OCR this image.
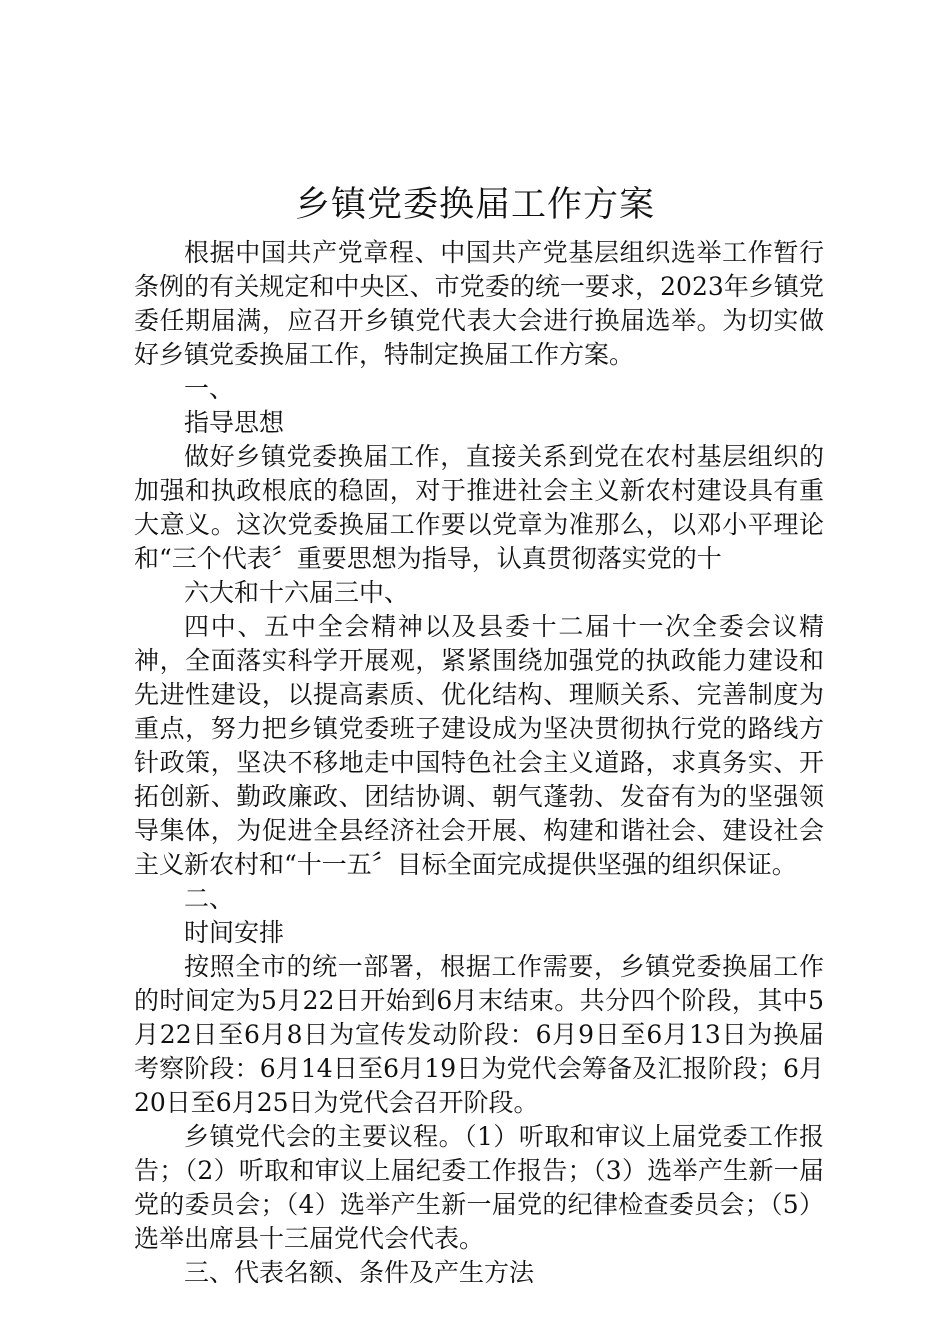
乡镇党委换届工作方案

根据中国共产党章程、中国共产党基层组织选举工作暂行条例的有关规定和中央区、市党委的统一要求，2023年乡镇党委任期届满，应召开乡镇党代表大会进行换届选举。为切实做好乡镇党委换届工作，特制定换届工作方案。

一、

指导思想

做好乡镇党委换届工作，直接关系到党在农村基层组织的加强和执政根底的稳固，对于推进社会主义新农村建设具有重大意义。这次党委换届工作要以党章为准那么，以邓小平理论和“三个代表〞重要思想为指导，认真贯彻落实党的十

六大和十六届三中、

四中、五中全会精神以及县委十二届十一次全委会议精神，全面落实科学开展观，紧紧围绕加强党的执政能力建设和先进性建设，以提高素质、优化结构、理顺关系、完善制度为重点，努力把乡镇党委班子建设成为坚决贯彻执行党的路线方针政策，坚决不移地走中国特色社会主义道路，求真务实、开拓创新、勤政廉政、团结协调、朝气蓬勃、发奋有为的坚强领导集体，为促进全县经济社会开展、构建和谐社会、建设社会主义新农村和“十一五〞目标全面完成提供坚强的组织保证。

二、

时间安排

按照全市的统一部署，根据工作需要，乡镇党委换届工作的时间定为5月22日开始到6月末结束。共分四个阶段，其中5月22日至6月8日为宣传发动阶段：6月9日至6月13日为换届考察阶段：6月14日至6月19日为党代会筹备及汇报阶段；6月20日至6月25日为党代会召开阶段。

乡镇党代会的主要议程。（1）听取和审议上届党委工作报告；（2）听取和审议上届纪委工作报告；（3）选举产生新一届党的委员会；（4）选举产生新一届党的纪律检查委员会；（5）选举出席县十三届党代会代表。

三、代表名额、条件及产生方法
